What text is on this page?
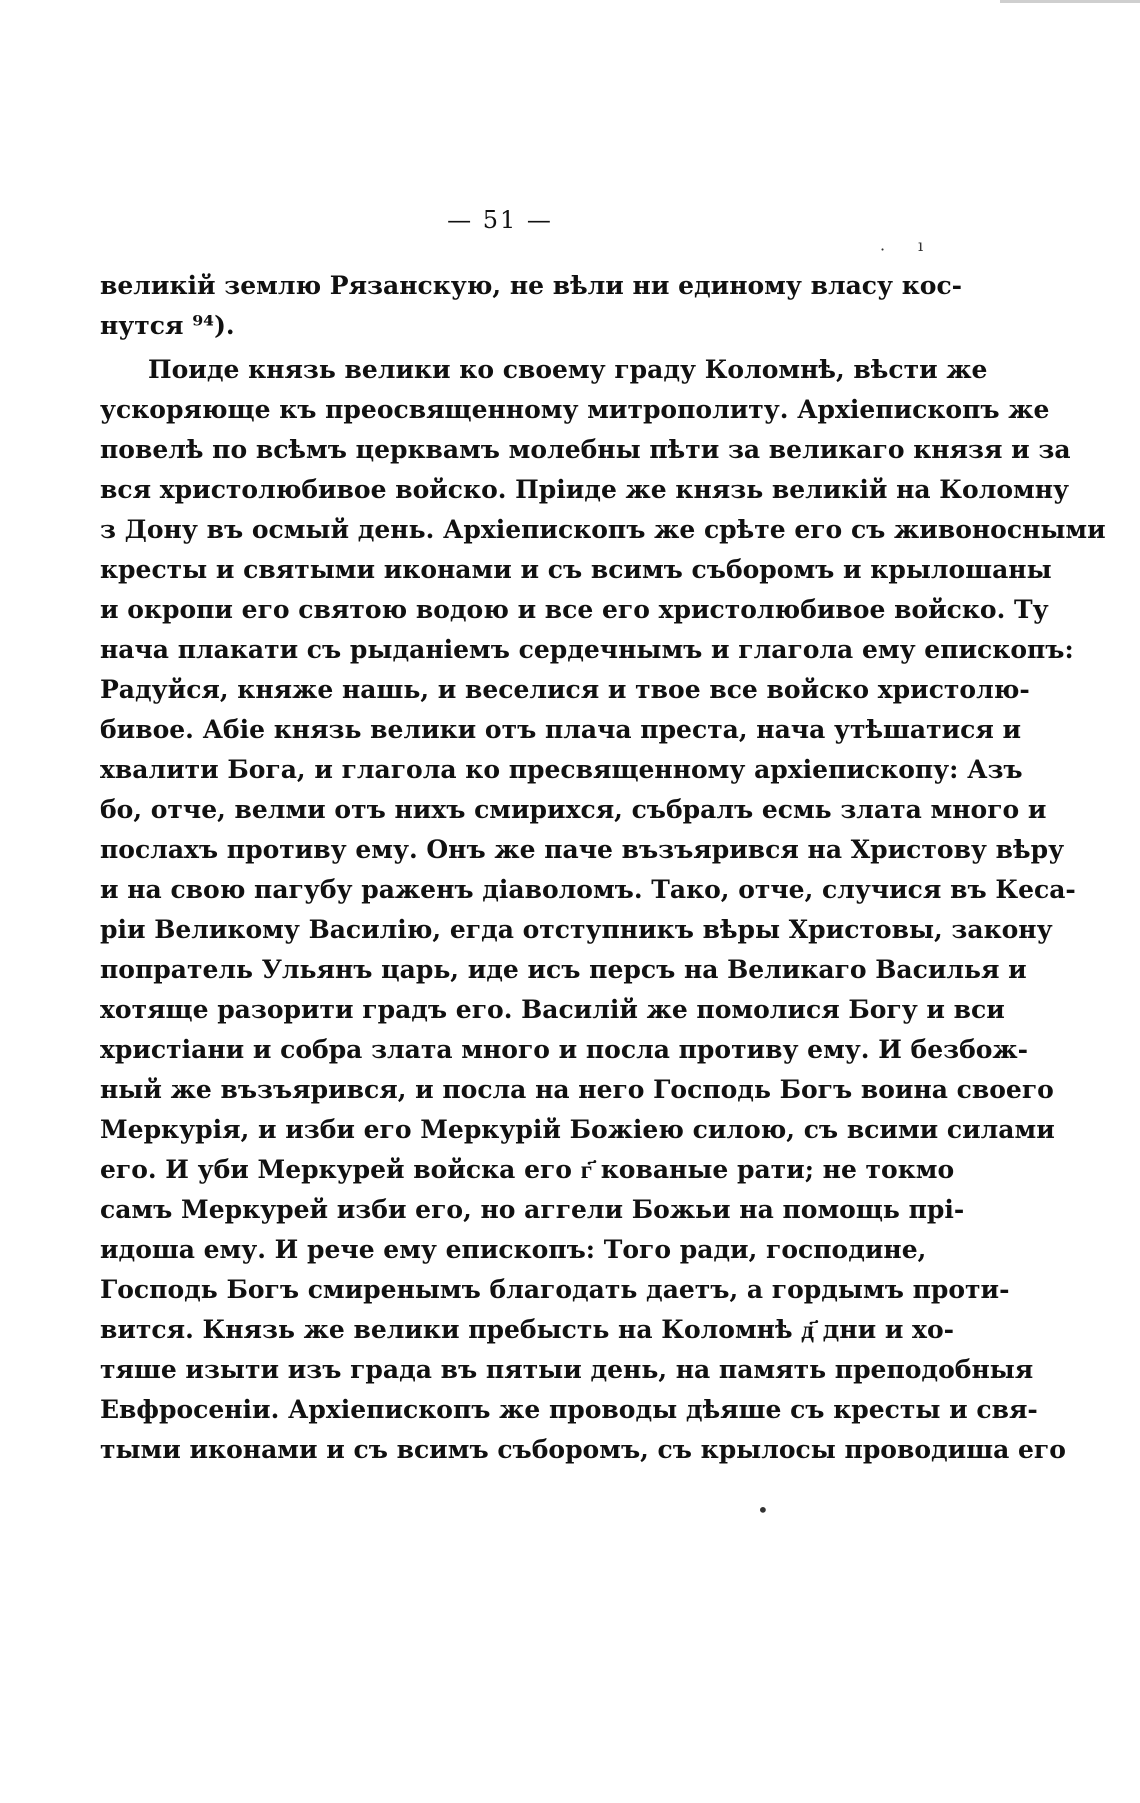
— 51 —
· ı
великій землю Рязанскую, не вѣли ни единому власу кос-
нутся ⁹⁴).
Поиде князь велики ко своему граду Коломнѣ, вѣсти же
ускоряюще къ преосвященному митрополиту. Архіепископъ же
повелѣ по всѣмъ церквамъ молебны пѣти за великаго князя и за
вся христолюбивое войско. Пріиде же князь великій на Коломну
з Дону въ осмый день. Архіепископъ же срѣте его съ живоносными
кресты и святыми иконами и съ всимъ съборомъ и крылошаны
и окропи его святою водою и все его христолюбивое войско. Ту
нача плакати съ рыданіемъ сердечнымъ и глагола ему епископъ:
Радуйся, княже нашь, и веселися и твое все войско христолю-
бивое. Абіе князь велики отъ плача преста, нача утѣшатися и
хвалити Бога, и глагола ко пресвященному архіепископу: Азъ
бо, отче, велми отъ нихъ смирихся, събралъ есмь злата много и
послахъ противу ему. Онъ же паче възъярився на Христову вѣру
и на свою пагубу раженъ діаволомъ. Тако, отче, случися въ Кеса-
ріи Великому Василію, егда отступникъ вѣры Христовы, закону
попратель Ульянъ царь, иде исъ персъ на Великаго Василья и
хотяще разорити градъ его. Василій же помолися Богу и вси
христіани и собра злата много и посла противу ему. И безбож-
ный же възъярився, и посла на него Господь Богъ воина своего
Меркурія, и изби его Меркурій Божіею силою, съ всими силами
его. И уби Меркурей войска его г҃ кованые рати; не токмо
самъ Меркурей изби его, но аггели Божьи на помощь прі-
идоша ему. И рече ему епископъ: Того ради, господине,
Господь Богъ смиренымъ благодать даетъ, а гордымъ проти-
вится. Князь же велики пребысть на Коломнѣ д҃ дни и хо-
тяше изыти изъ града въ пятыи день, на память преподобныя
Евфросеніи. Архіепископъ же проводы дѣяше съ кресты и свя-
тыми иконами и съ всимъ съборомъ, съ крылосы проводиша его
•
